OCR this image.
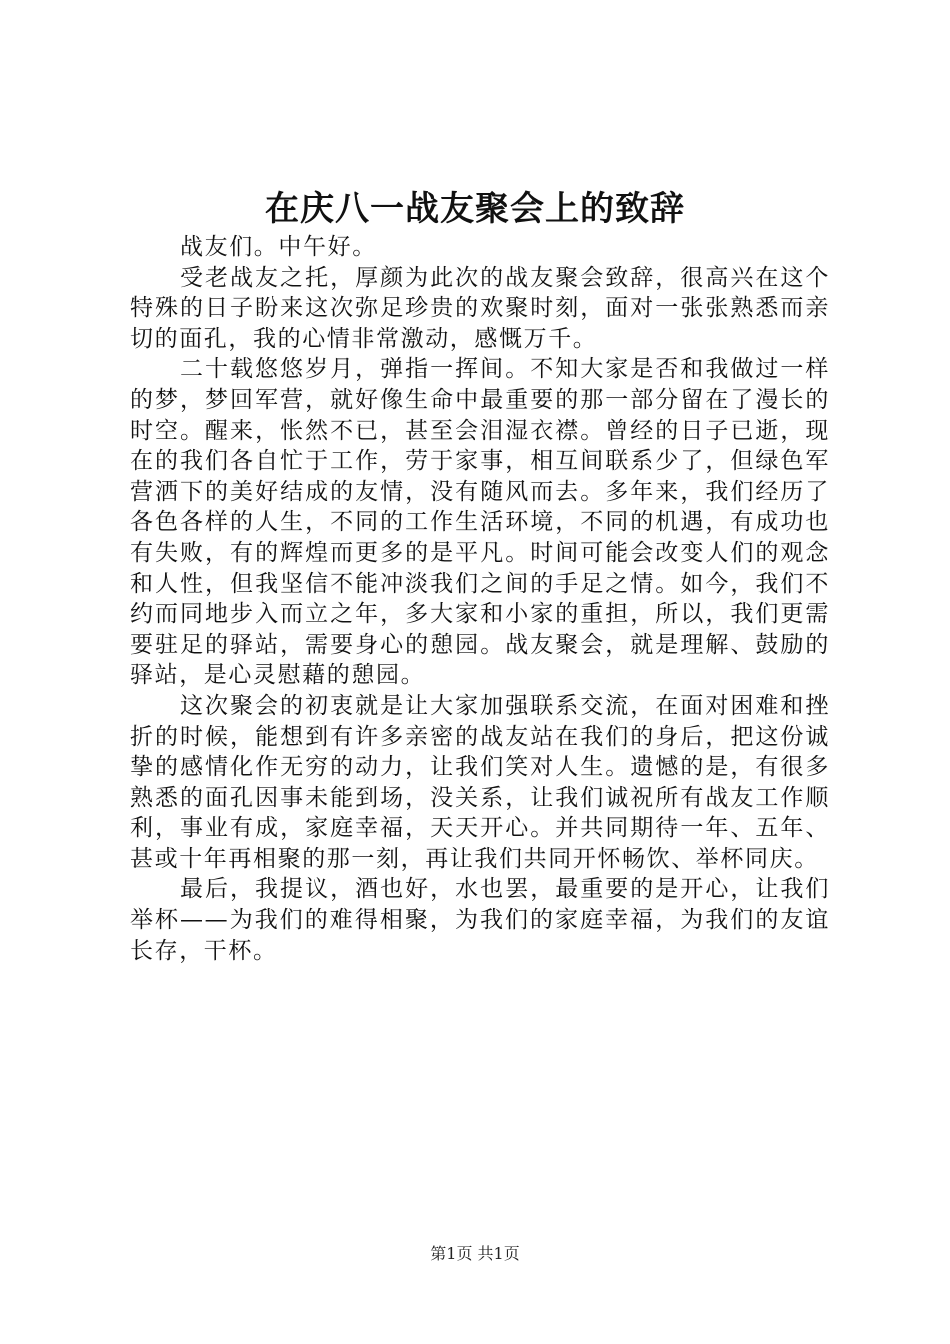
在庆八一战友聚会上的致辞

战友们。中午好。

受老战友之托，厚颜为此次的战友聚会致辞，很高兴在这个特殊的日子盼来这次弥足珍贵的欢聚时刻，面对一张张熟悉而亲切的面孔，我的心情非常激动，感慨万千。

二十载悠悠岁月，弹指一挥间。不知大家是否和我做过一样的梦，梦回军营，就好像生命中最重要的那一部分留在了漫长的时空。醒来，怅然不已，甚至会泪湿衣襟。曾经的日子已逝，现在的我们各自忙于工作，劳于家事，相互间联系少了，但绿色军营洒下的美好结成的友情，没有随风而去。多年来，我们经历了各色各样的人生，不同的工作生活环境，不同的机遇，有成功也有失败，有的辉煌而更多的是平凡。时间可能会改变人们的观念和人性，但我坚信不能冲淡我们之间的手足之情。如今，我们不约而同地步入而立之年，多大家和小家的重担，所以，我们更需要驻足的驿站，需要身心的憩园。战友聚会，就是理解、鼓励的驿站，是心灵慰藉的憩园。

这次聚会的初衷就是让大家加强联系交流，在面对困难和挫折的时候，能想到有许多亲密的战友站在我们的身后，把这份诚挚的感情化作无穷的动力，让我们笑对人生。遗憾的是，有很多熟悉的面孔因事未能到场，没关系，让我们诚祝所有战友工作顺利，事业有成，家庭幸福，天天开心。并共同期待一年、五年、甚或十年再相聚的那一刻，再让我们共同开怀畅饮、举杯同庆。

最后，我提议，酒也好，水也罢，最重要的是开心，让我们举杯——为我们的难得相聚，为我们的家庭幸福，为我们的友谊长存，干杯。

第1页 共1页
